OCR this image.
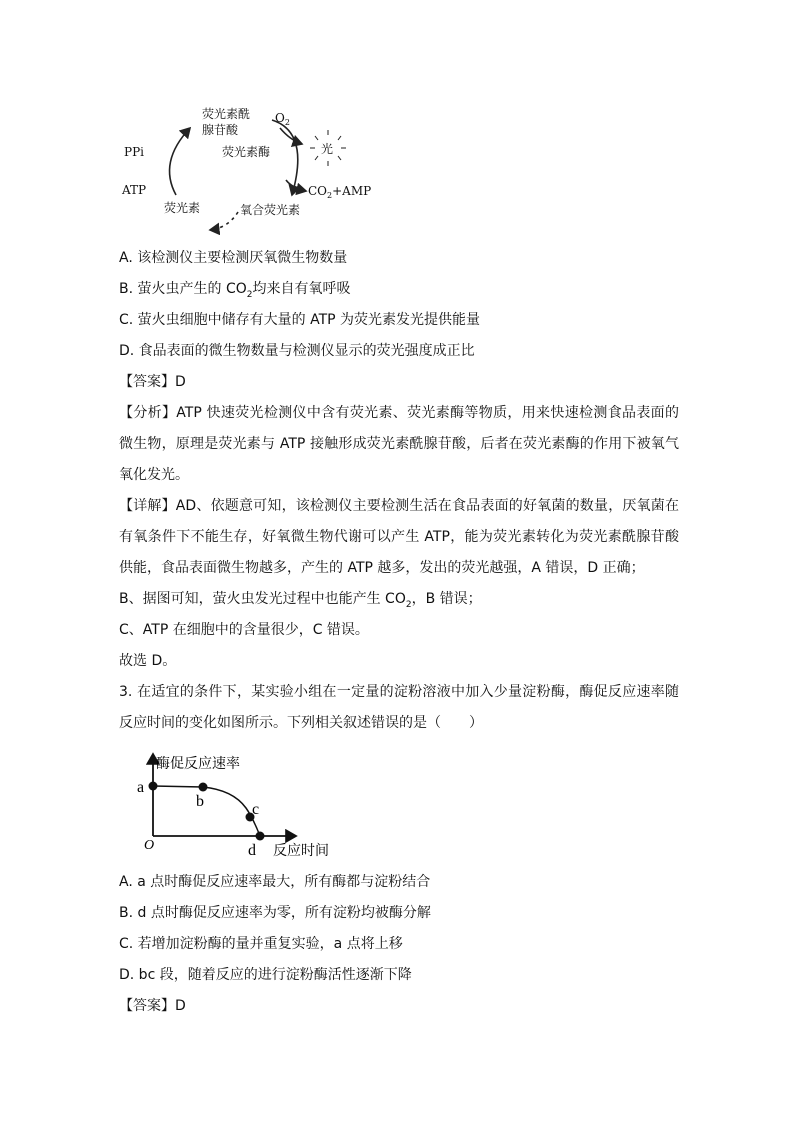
荧光素酰
腺苷酸
$O_2$
荧光素酶	光
PPi
ATP	$CO_2+AMP$
荧光素	氧合荧光素
A. 该检测仪主要检测厌氧微生物数量
B. 萤火虫产生的 $CO_2$均来自有氧呼吸
C. 萤火虫细胞中储存有大量的 ATP 为荧光素发光提供能量
D. 食品表面的微生物数量与检测仪显示的荧光强度成正比
【答案】D
【分析】ATP 快速荧光检测仪中含有荧光素、荧光素酶等物质，用来快速检测食品表面的微生物，原理是荧光素与 ATP 接触形成荧光素酰腺苷酸，后者在荧光素酶的作用下被氧气氧化发光。
【详解】AD、依题意可知，该检测仪主要检测生活在食品表面的好氧菌的数量，厌氧菌在有氧条件下不能生存，好氧微生物代谢可以产生 ATP，能为荧光素转化为荧光素酰腺苷酸供能，食品表面微生物越多，产生的 ATP 越多，发出的荧光越强，A 错误，D 正确；
B、据图可知，萤火虫发光过程中也能产生 $CO_2$，B 错误；
C、ATP 在细胞中的含量很少，C 错误。
故选 D。
3. 在适宜的条件下，某实验小组在一定量的淀粉溶液中加入少量淀粉酶，酶促反应速率随反应时间的变化如图所示。下列相关叙述错误的是（　　）
酶促反应速率
反应时间
O
a
b	c
d
A. a 点时酶促反应速率最大，所有酶都与淀粉结合
B. d 点时酶促反应速率为零，所有淀粉均被酶分解
C. 若增加淀粉酶的量并重复实验，a 点将上移
D. bc 段，随着反应的进行淀粉酶活性逐渐下降
【答案】D
